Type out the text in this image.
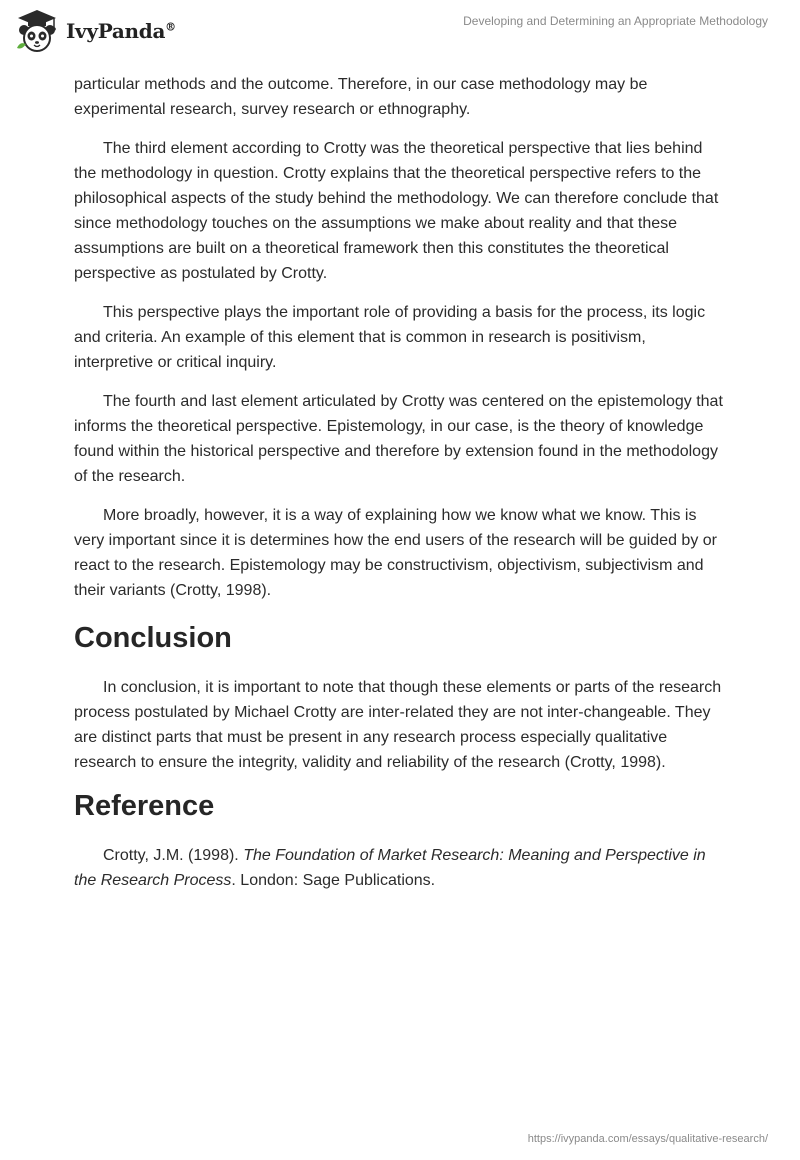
IvyPanda®	Developing and Determining an Appropriate Methodology

particular methods and the outcome. Therefore, in our case methodology may be experimental research, survey research or ethnography.

The third element according to Crotty was the theoretical perspective that lies behind the methodology in question. Crotty explains that the theoretical perspective refers to the philosophical aspects of the study behind the methodology. We can therefore conclude that since methodology touches on the assumptions we make about reality and that these assumptions are built on a theoretical framework then this constitutes the theoretical perspective as postulated by Crotty.

This perspective plays the important role of providing a basis for the process, its logic and criteria. An example of this element that is common in research is positivism, interpretive or critical inquiry.

The fourth and last element articulated by Crotty was centered on the epistemology that informs the theoretical perspective. Epistemology, in our case, is the theory of knowledge found within the historical perspective and therefore by extension found in the methodology of the research.

More broadly, however, it is a way of explaining how we know what we know. This is very important since it is determines how the end users of the research will be guided by or react to the research. Epistemology may be constructivism, objectivism, subjectivism and their variants (Crotty, 1998).

Conclusion

In conclusion, it is important to note that though these elements or parts of the research process postulated by Michael Crotty are inter-related they are not inter-changeable. They are distinct parts that must be present in any research process especially qualitative research to ensure the integrity, validity and reliability of the research (Crotty, 1998).

Reference

Crotty, J.M. (1998). The Foundation of Market Research: Meaning and Perspective in the Research Process. London: Sage Publications.

https://ivypanda.com/essays/qualitative-research/
